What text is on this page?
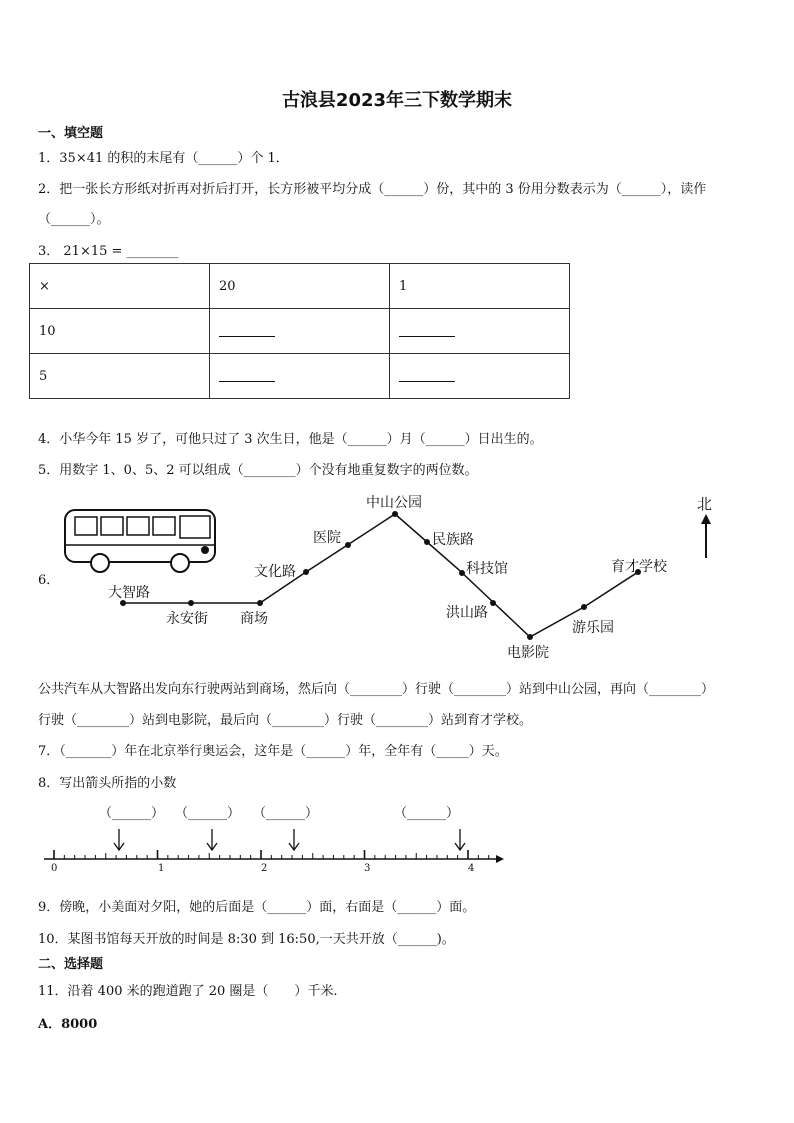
古浪县2023年三下数学期末
一、填空题
1．35×41 的积的末尾有（______）个 1．
2．把一张长方形纸对折再对折后打开，长方形被平均分成（______）份，其中的 3 份用分数表示为（______），读作
（______）。
3． 21×15 = ________
×	20	1
10		
5		
4．小华今年 15 岁了，可他只过了 3 次生日，他是（______）月（______）日出生的。
5．用数字 1、0、5、2 可以组成（________）个没有地重复数字的两位数。
6．
大智路
永安街 商场
文化路
医院
中山公园
民族路
科技馆
洪山路
电影院
游乐园
育才学校
北
公共汽车从大智路出发向东行驶两站到商场，然后向（________）行驶（________）站到中山公园，再向（________）
行驶（________）站到电影院，最后向（________）行驶（________）站到育才学校。
7．（_______）年在北京举行奥运会，这年是（______）年，全年有（_____）天。
8．写出箭头所指的小数
（______） （______） （______）	（______）
0	1	2	3	4
9．傍晚，小美面对夕阳，她的后面是（______）面，右面是（______）面。
10．某图书馆每天开放的时间是 8:30 到 16:50,一天共开放（______)。
二、选择题
11．沿着 400 米的跑道跑了 20 圈是（　　）千米.
A．8000
